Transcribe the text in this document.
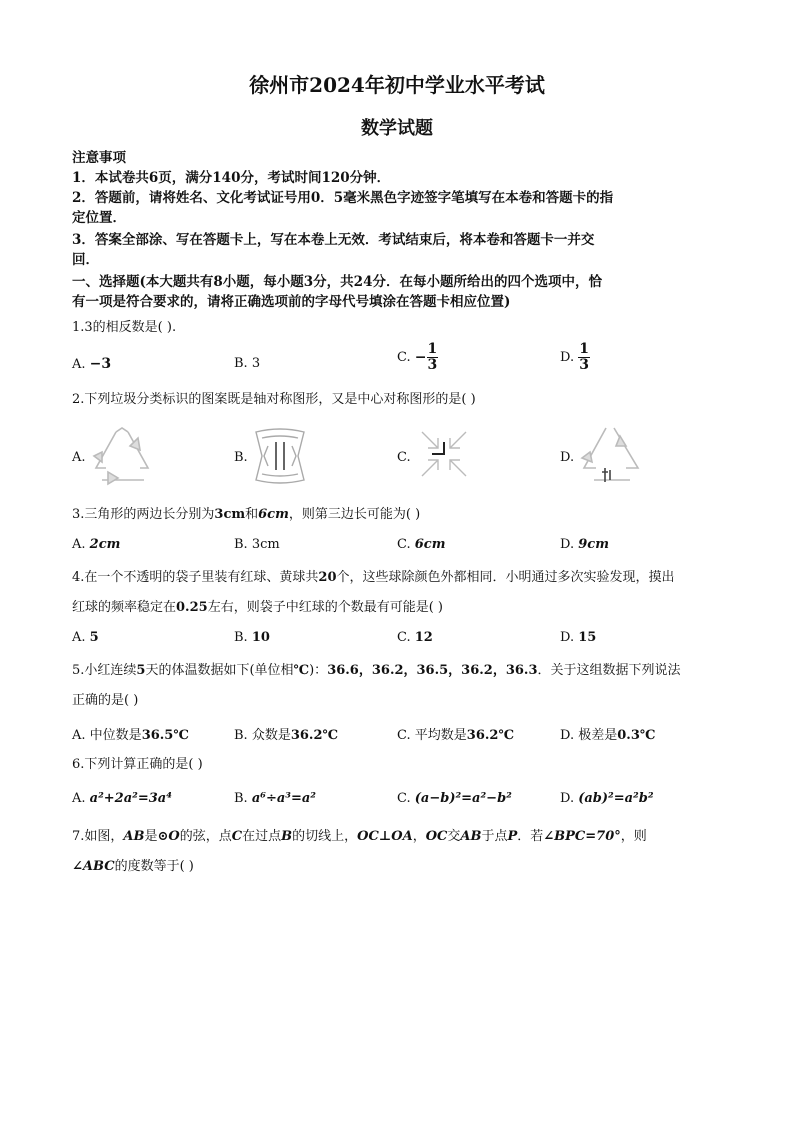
徐州市2024年初中学业水平考试
数学试题
注意事项
1．本试卷共6页，满分140分，考试时间120分钟．
2．答题前，请将姓名、文化考试证号用0．5毫米黑色字迹签字笔填写在本卷和答题卡的指
定位置．
3．答案全部涂、写在答题卡上，写在本卷上无效．考试结束后，将本卷和答题卡一并交
回．
一、选择题(本大题共有8小题，每小题3分，共24分．在每小题所给出的四个选项中，恰
有一项是符合要求的，请将正确选项前的字母代号填涂在答题卡相应位置)
1.3的相反数是( ).
A. −3	B. 3	C. − $\frac{1}{3}$	D. $\frac{1}{3}$
2.下列垃圾分类标识的图案既是轴对称图形，又是中心对称图形的是( )
A.	B.	C.	D.
3.三角形的两边长分别为3cm和6cm，则第三边长可能为( )
A. 2cm	B. 3cm	C. 6cm	D. 9cm
4.在一个不透明的袋子里装有红球、黄球共20个，这些球除颜色外都相同．小明通过多次实验发现，摸出
红球的频率稳定在0.25左右，则袋子中红球的个数最有可能是( )
A. 5	B. 10	C. 12	D. 15
5.小红连续5天的体温数据如下(单位相℃)：36.6，36.2，36.5，36.2，36.3．关于这组数据下列说法
正确的是( )
A. 中位数是36.5℃	B. 众数是36.2℃	C. 平均数是36.2℃	D. 极差是0.3℃
6.下列计算正确的是( )
A. a²+2a²=3a⁴	B. a⁶÷a³=a²	C. (a−b)²=a²−b²	D. (ab)²=a²b²
7.如图，AB是⊙O的弦，点C在过点B的切线上，OC⊥OA，OC交AB于点P．若∠BPC=70°，则
∠ABC的度数等于( )
